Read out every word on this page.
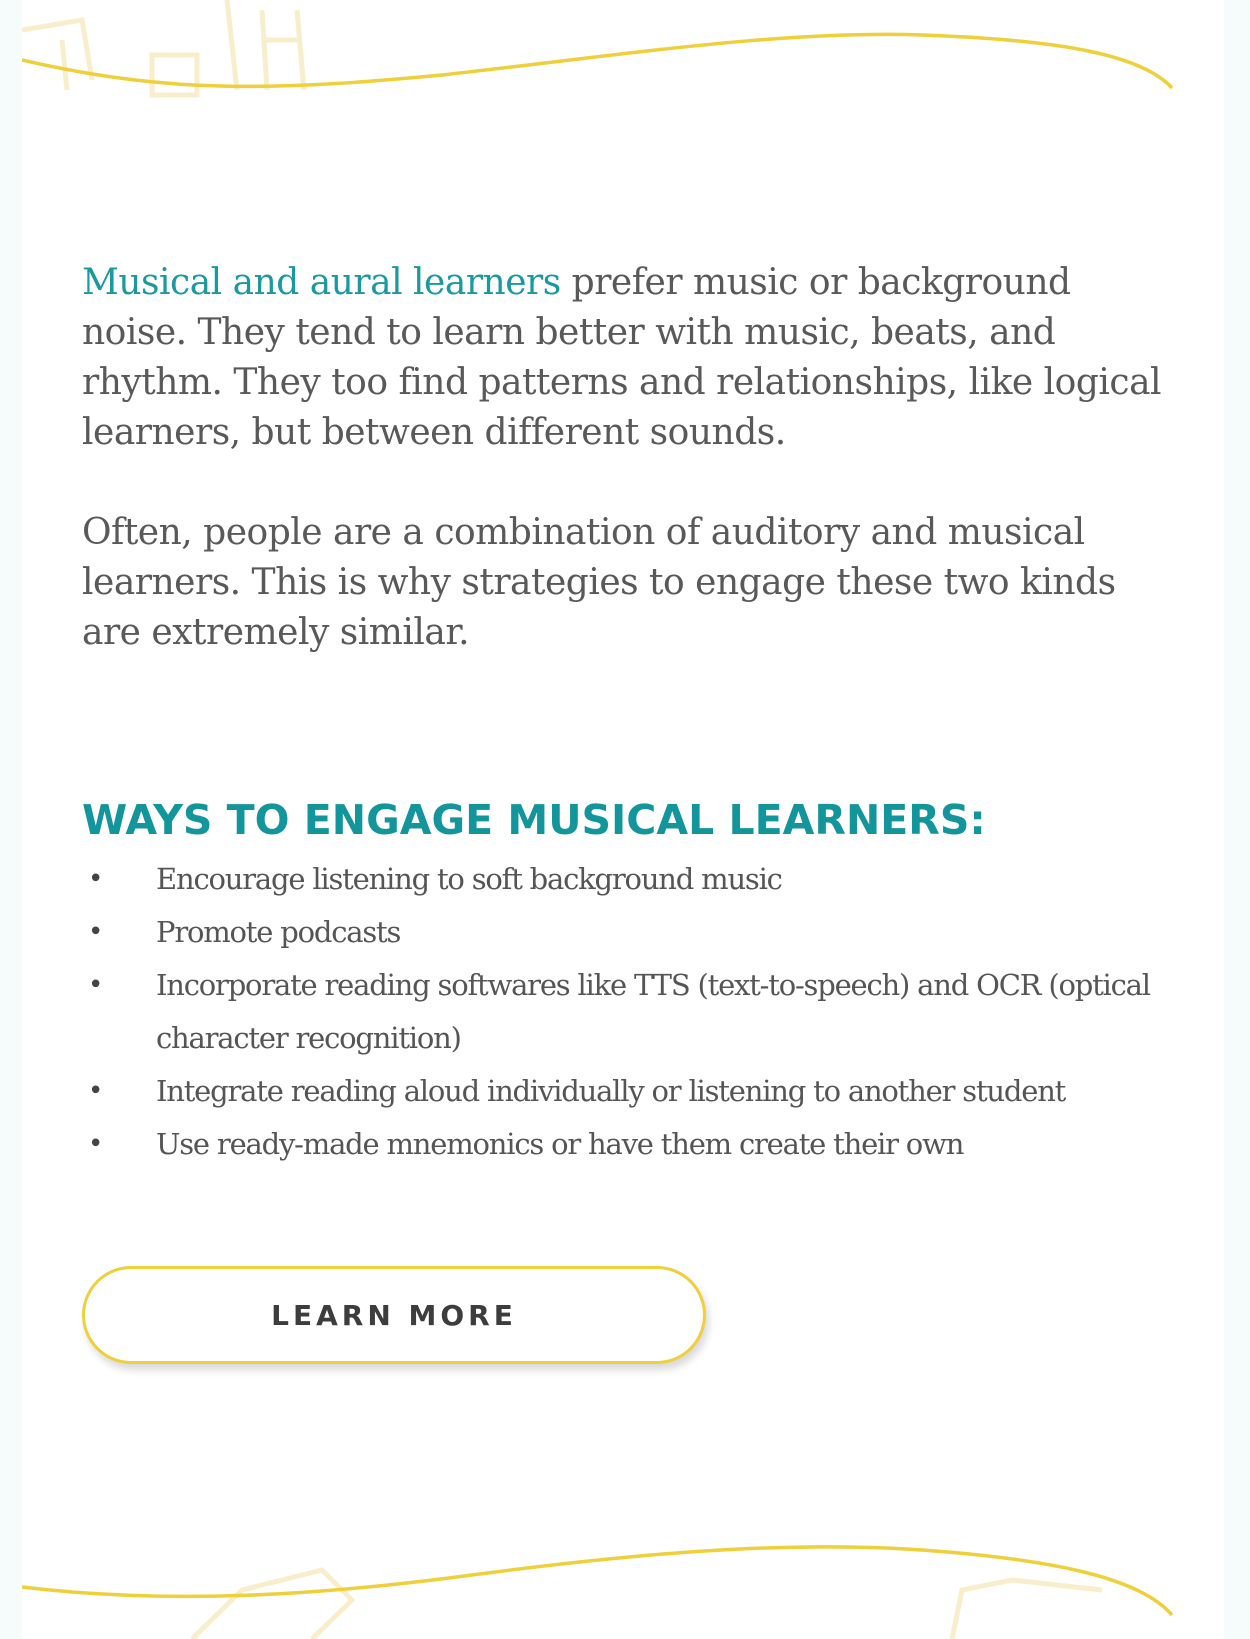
Musical and aural learners prefer music or background noise. They tend to learn better with music, beats, and rhythm. They too find patterns and relationships, like logical learners, but between different sounds.

Often, people are a combination of auditory and musical learners. This is why strategies to engage these two kinds are extremely similar.

WAYS TO ENGAGE MUSICAL LEARNERS:
• Encourage listening to soft background music
• Promote podcasts
• Incorporate reading softwares like TTS (text-to-speech) and OCR (optical character recognition)
• Integrate reading aloud individually or listening to another student
• Use ready-made mnemonics or have them create their own
LEARN MORE
